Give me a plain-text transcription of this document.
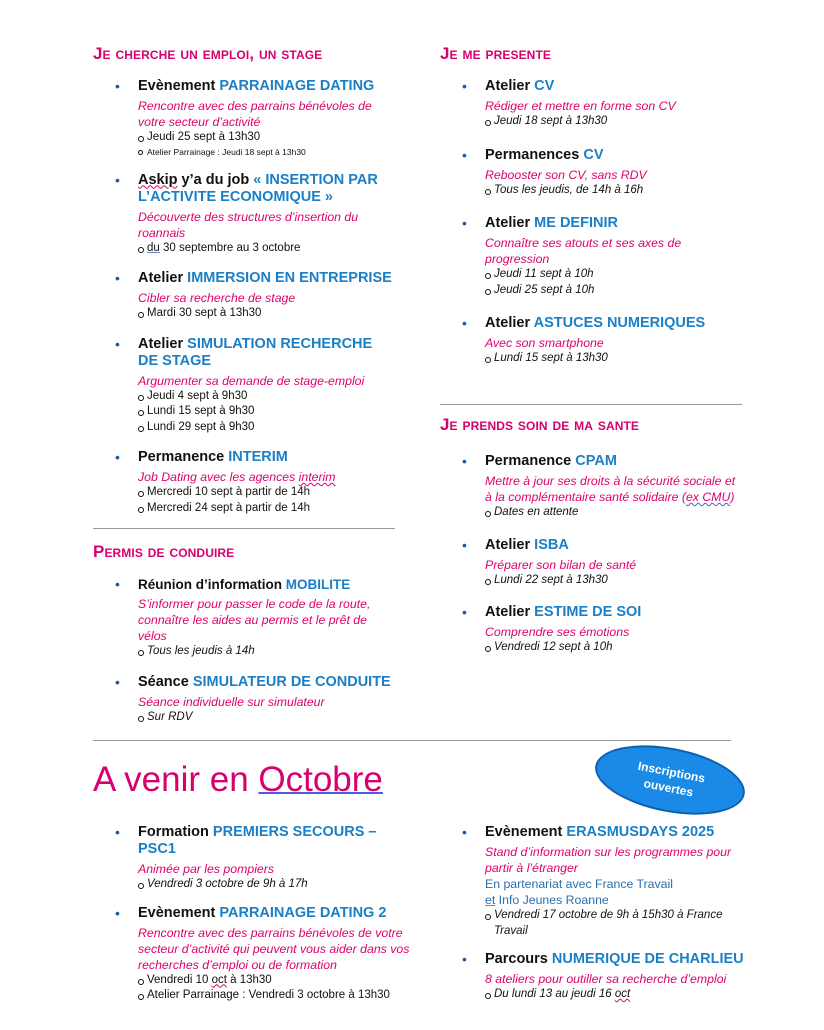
Je cherche un emploi, un stage
• Evènement PARRAINAGE DATING
Rencontre avec des parrains bénévoles de votre secteur d’activité
Jeudi 25 sept à 13h30
Atelier Parrainage : Jeudi 18 sept à 13h30
• Askip y’a du job « INSERTION PAR L’ACTIVITE ECONOMIQUE »
Découverte des structures d’insertion du roannais
du 30 septembre au 3 octobre
• Atelier IMMERSION EN ENTREPRISE
Cibler sa recherche de stage
Mardi 30 sept à 13h30
• Atelier SIMULATION RECHERCHE DE STAGE
Argumenter sa demande de stage-emploi
Jeudi 4 sept à 9h30
Lundi 15 sept à 9h30
Lundi 29 sept à 9h30
• Permanence INTERIM
Job Dating avec les agences interim
Mercredi 10 sept à partir de 14h
Mercredi 24 sept à partir de 14h
Permis de conduire
• Réunion d’information MOBILITE
S’informer pour passer le code de la route, connaître les aides au permis et le prêt de vélos
Tous les jeudis à 14h
• Séance SIMULATEUR DE CONDUITE
Séance individuelle sur simulateur
Sur RDV
Je me presente
• Atelier CV
Rédiger et mettre en forme son CV
Jeudi 18 sept à 13h30
• Permanences CV
Rebooster son CV, sans RDV
Tous les jeudis, de 14h à 16h
• Atelier ME DEFINIR
Connaître ses atouts et ses axes de progression
Jeudi 11 sept à 10h
Jeudi 25 sept à 10h
• Atelier ASTUCES NUMERIQUES
Avec son smartphone
Lundi 15 sept à 13h30
Je prends soin de ma sante
• Permanence CPAM
Mettre à jour ses droits à la sécurité sociale et à la complémentaire santé solidaire (ex CMU)
Dates en attente
• Atelier ISBA
Préparer son bilan de santé
Lundi 22 sept à 13h30
• Atelier ESTIME DE SOI
Comprendre ses émotions
Vendredi 12 sept à 10h
A venir en Octobre	Inscriptions ouvertes
• Formation PREMIERS SECOURS – PSC1
Animée par les pompiers
Vendredi 3 octobre de 9h à 17h
• Evènement PARRAINAGE DATING 2
Rencontre avec des parrains bénévoles de votre secteur d’activité qui peuvent vous aider dans vos recherches d’emploi ou de formation
Vendredi 10 oct à 13h30
Atelier Parrainage : Vendredi 3 octobre à 13h30
• Evènement ERASMUSDAYS 2025
Stand d’information sur les programmes pour partir à l’étranger
En partenariat avec France Travail
et Info Jeunes Roanne
Vendredi 17 octobre de 9h à 15h30 à France Travail
• Parcours NUMERIQUE DE CHARLIEU
8 ateliers pour outiller sa recherche d’emploi
Du lundi 13 au jeudi 16 oct
